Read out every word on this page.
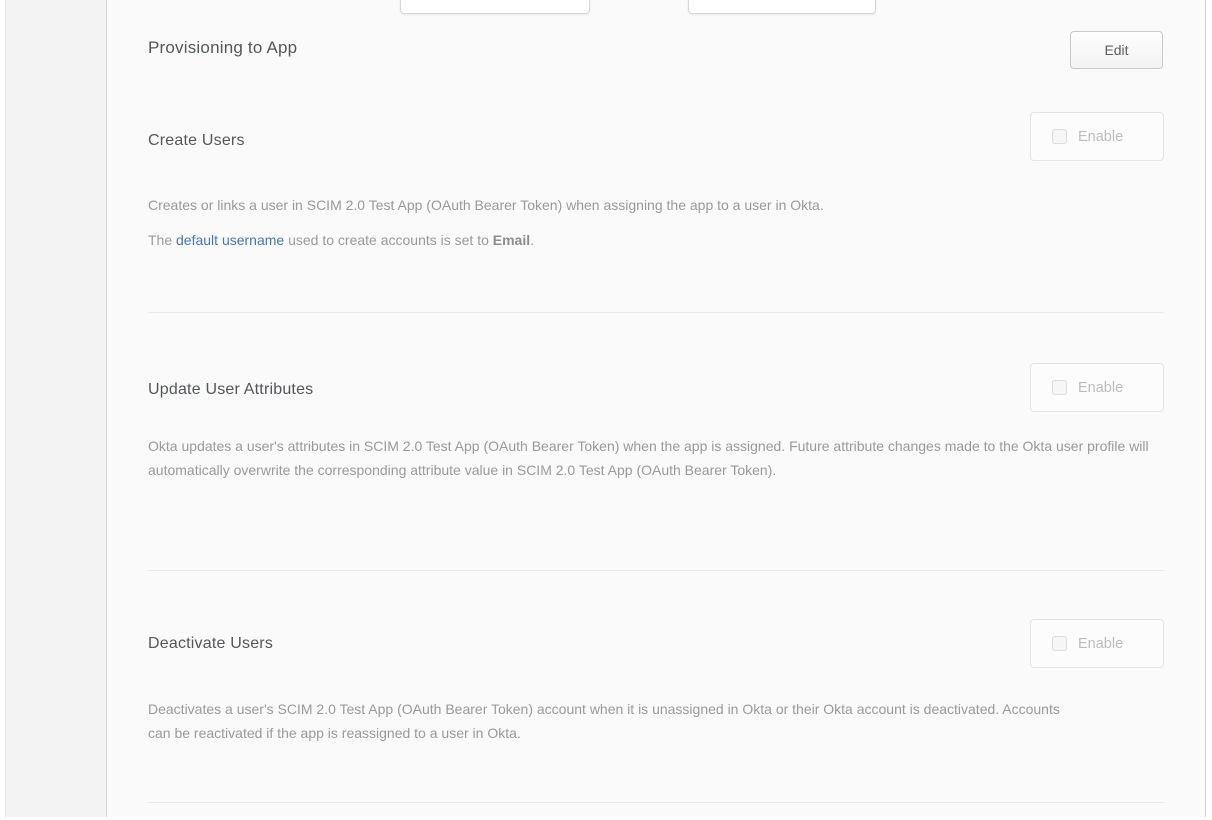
Provisioning to App	Edit
Create Users	Enable
Creates or links a user in SCIM 2.0 Test App (OAuth Bearer Token) when assigning the app to a user in Okta.
The default username used to create accounts is set to Email.
Update User Attributes	Enable
Okta updates a user's attributes in SCIM 2.0 Test App (OAuth Bearer Token) when the app is assigned. Future attribute changes made to the Okta user profile will automatically overwrite the corresponding attribute value in SCIM 2.0 Test App (OAuth Bearer Token).
Deactivate Users	Enable
Deactivates a user's SCIM 2.0 Test App (OAuth Bearer Token) account when it is unassigned in Okta or their Okta account is deactivated. Accounts can be reactivated if the app is reassigned to a user in Okta.
